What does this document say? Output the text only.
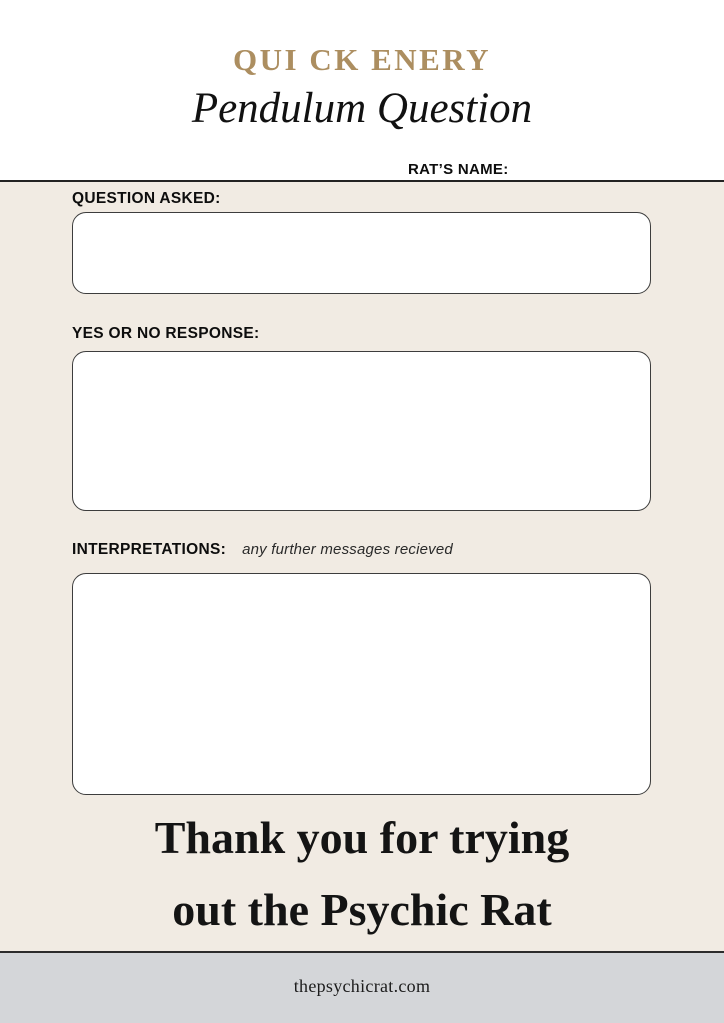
QUI CK ENERY
Pendulum Question
RAT’S NAME:
QUESTION ASKED:
YES OR NO RESPONSE:
INTERPRETATIONS: any further messages recieved
Thank you for trying
out the Psychic Rat
thepsychicrat.com
